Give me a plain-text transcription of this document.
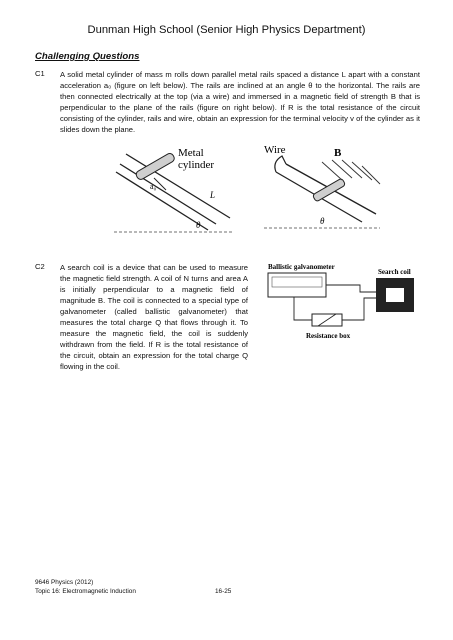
Dunman High School (Senior High Physics Department)
Challenging Questions
C1 A solid metal cylinder of mass m rolls down parallel metal rails spaced a distance L apart with a constant acceleration a₀ (figure on left below). The rails are inclined at an angle θ to the horizontal. The rails are then connected electrically at the top (via a wire) and immersed in a magnetic field of strength B that is perpendicular to the plane of the rails (figure on right below). If R is the total resistance of the circuit consisting of the cylinder, rails and wire, obtain an expression for the terminal velocity v of the cylinder as it slides down the plane.
a₀
Metal
cylinder
L
θ
Wire	B
θ
C2 A search coil is a device that can be used to measure the magnetic field strength. A coil of N turns and area A is initially perpendicular to a magnetic field of magnitude B. The coil is connected to a special type of galvanometer (called ballistic galvanometer) that measures the total charge Q that flows through it. To measure the magnetic field, the coil is suddenly withdrawn from the field. If R is the total resistance of the circuit, obtain an expression for the total charge Q flowing in the coil.
Ballistic galvanometer
Search coil
Resistance box
9646 Physics (2012)
Topic 16: Electromagnetic Induction	16-25
